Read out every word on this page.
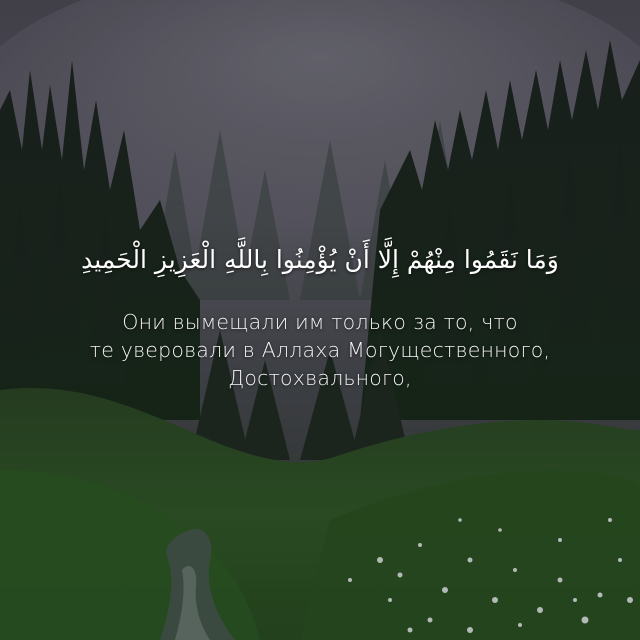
وَمَا نَقَمُوا مِنْهُمْ إِلَّا أَنْ يُؤْمِنُوا بِاللَّهِ الْعَزِيزِ الْحَمِيدِ
Они вымещали им только за то, что
те уверовали в Аллаха Могущественного,
Достохвального,
